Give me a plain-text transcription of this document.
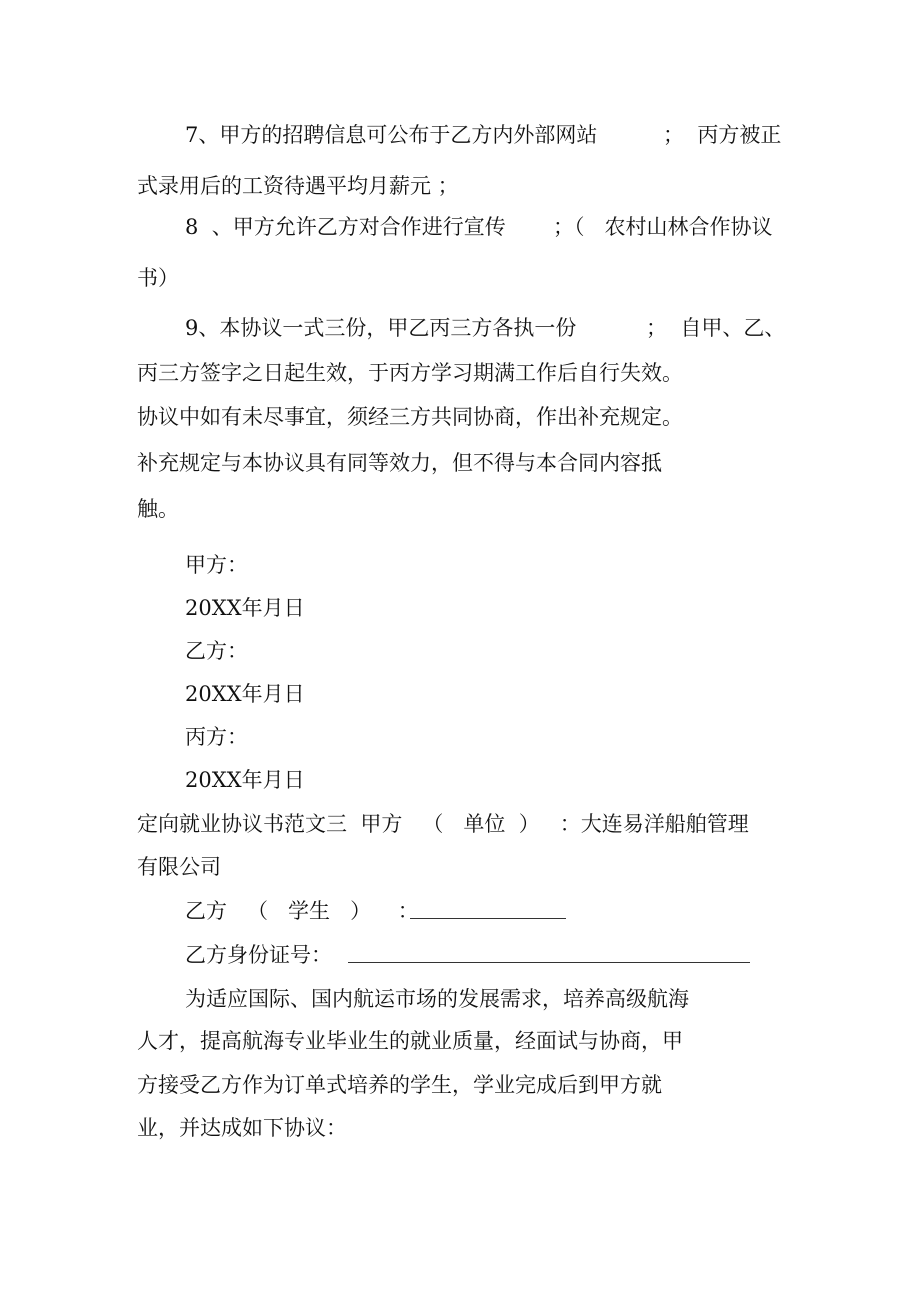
7、甲方的招聘信息可公布于乙方内外部网站	；  丙方被正
式录用后的工资待遇平均月薪元 ；
8  、甲方允许乙方对合作进行宣传 ；（   农村山林合作协议
书）
9、本协议一式三份，甲乙丙三方各执一份	；  自甲、乙、
丙三方签字之日起生效，于丙方学习期满工作后自行失效。
协议中如有未尽事宜，须经三方共同协商，作出补充规定。
补充规定与本协议具有同等效力，但不得与本合同内容抵
触。
甲方：
20XX年月日
乙方：
20XX年月日
丙方：
20XX年月日
定向就业协议书范文三  甲方   （   单位  ）   ：大连易洋船舶管理
有限公司
乙方   （   学生   ）    ：
乙方身份证号：
为适应国际、国内航运市场的发展需求，培养高级航海
人才，提高航海专业毕业生的就业质量，经面试与协商，甲
方接受乙方作为订单式培养的学生，学业完成后到甲方就
业，并达成如下协议：
